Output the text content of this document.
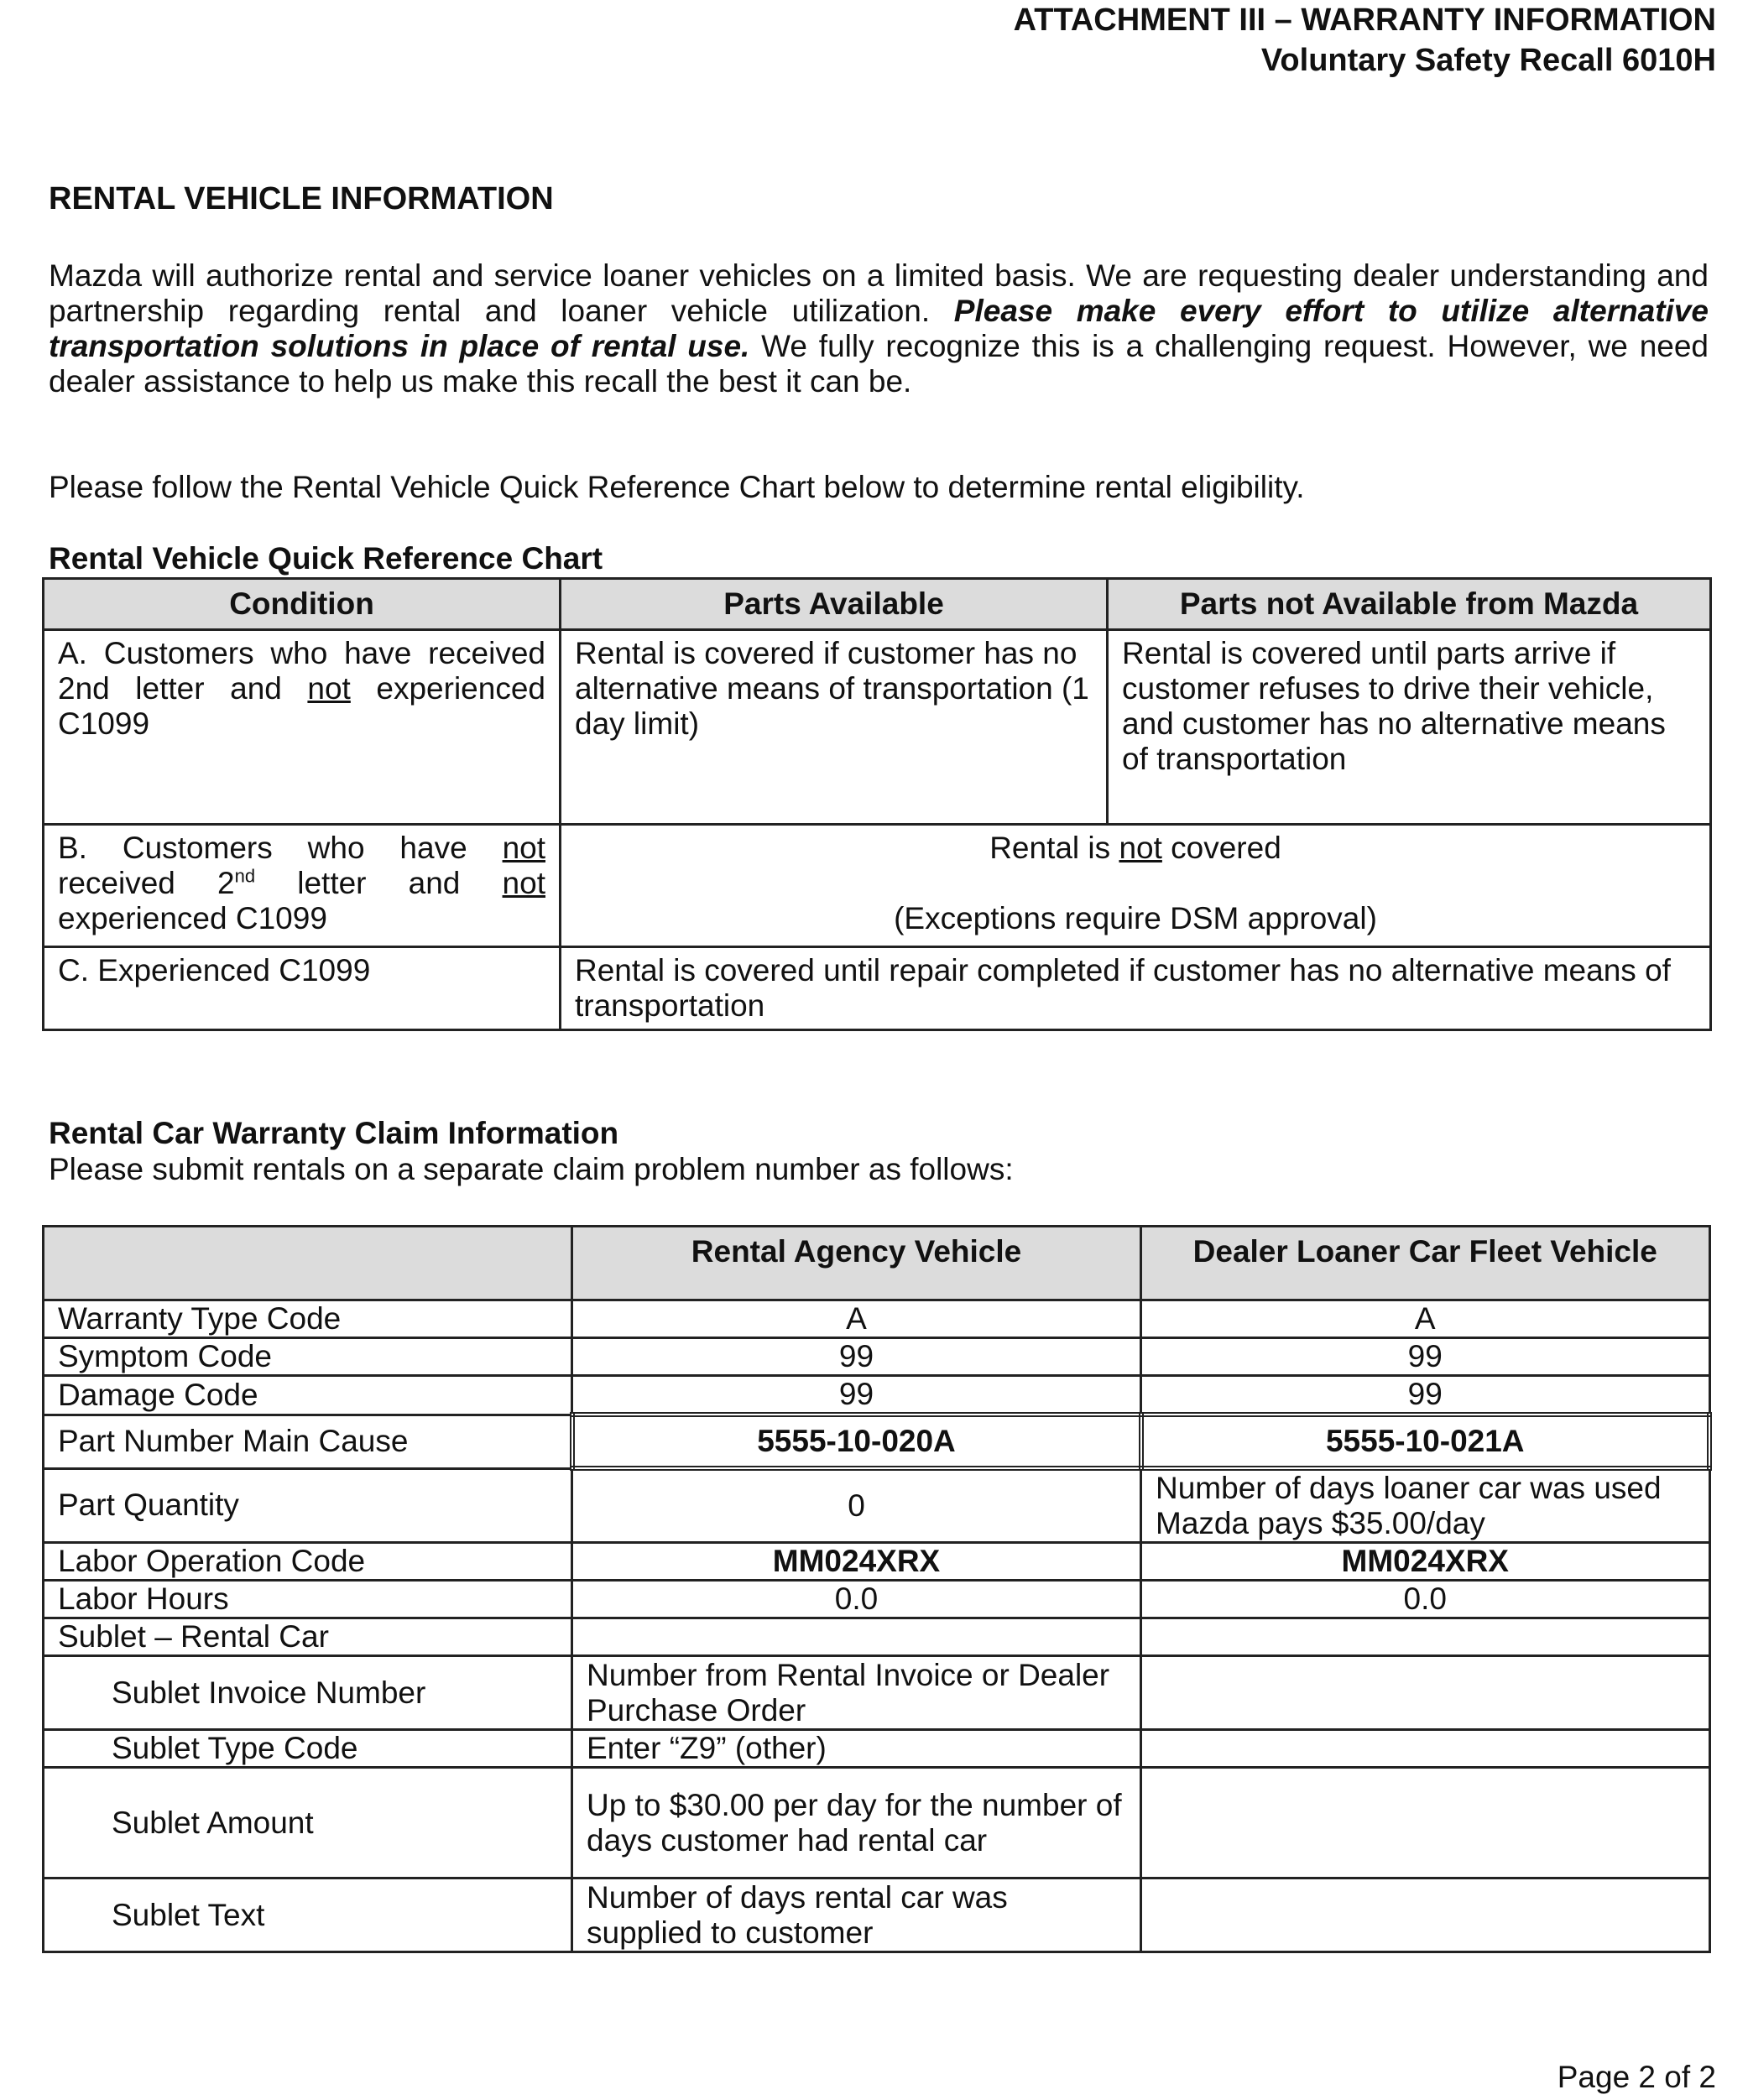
ATTACHMENT III – WARRANTY INFORMATION
Voluntary Safety Recall 6010H
RENTAL VEHICLE INFORMATION
Mazda will authorize rental and service loaner vehicles on a limited basis. We are requesting dealer understanding and partnership regarding rental and loaner vehicle utilization. Please make every effort to utilize alternative transportation solutions in place of rental use. We fully recognize this is a challenging request. However, we need dealer assistance to help us make this recall the best it can be.
Please follow the Rental Vehicle Quick Reference Chart below to determine rental eligibility.
Rental Vehicle Quick Reference Chart
Condition	Parts Available	Parts not Available from Mazda
A. Customers who have received 2nd letter and not experienced C1099	Rental is covered if customer has no alternative means of transportation (1 day limit)	Rental is covered until parts arrive if customer refuses to drive their vehicle, and customer has no alternative means of transportation
B. Customers who have not received 2nd letter and not experienced C1099	Rental is not covered
(Exceptions require DSM approval)	

C. Experienced C1099	Rental is covered until repair completed if customer has no alternative means of transportation	
Rental Car Warranty Claim Information
Please submit rentals on a separate claim problem number as follows:
	Rental Agency Vehicle	Dealer Loaner Car Fleet Vehicle
Warranty Type Code	A	A
Symptom Code	99	99
Damage Code	99	99
Part Number Main Cause	5555-10-020A	5555-10-021A
Part Quantity	0	Number of days loaner car was used Mazda pays $35.00/day
Labor Operation Code	MM024XRX	MM024XRX
Labor Hours	0.0	0.0
Sublet – Rental Car		
Sublet Invoice Number	Number from Rental Invoice or Dealer Purchase Order	
Sublet Type Code	Enter “Z9” (other)	
Sublet Amount	Up to $30.00 per day for the number of days customer had rental car	
Sublet Text	Number of days rental car was supplied to customer	
Page 2 of 2
